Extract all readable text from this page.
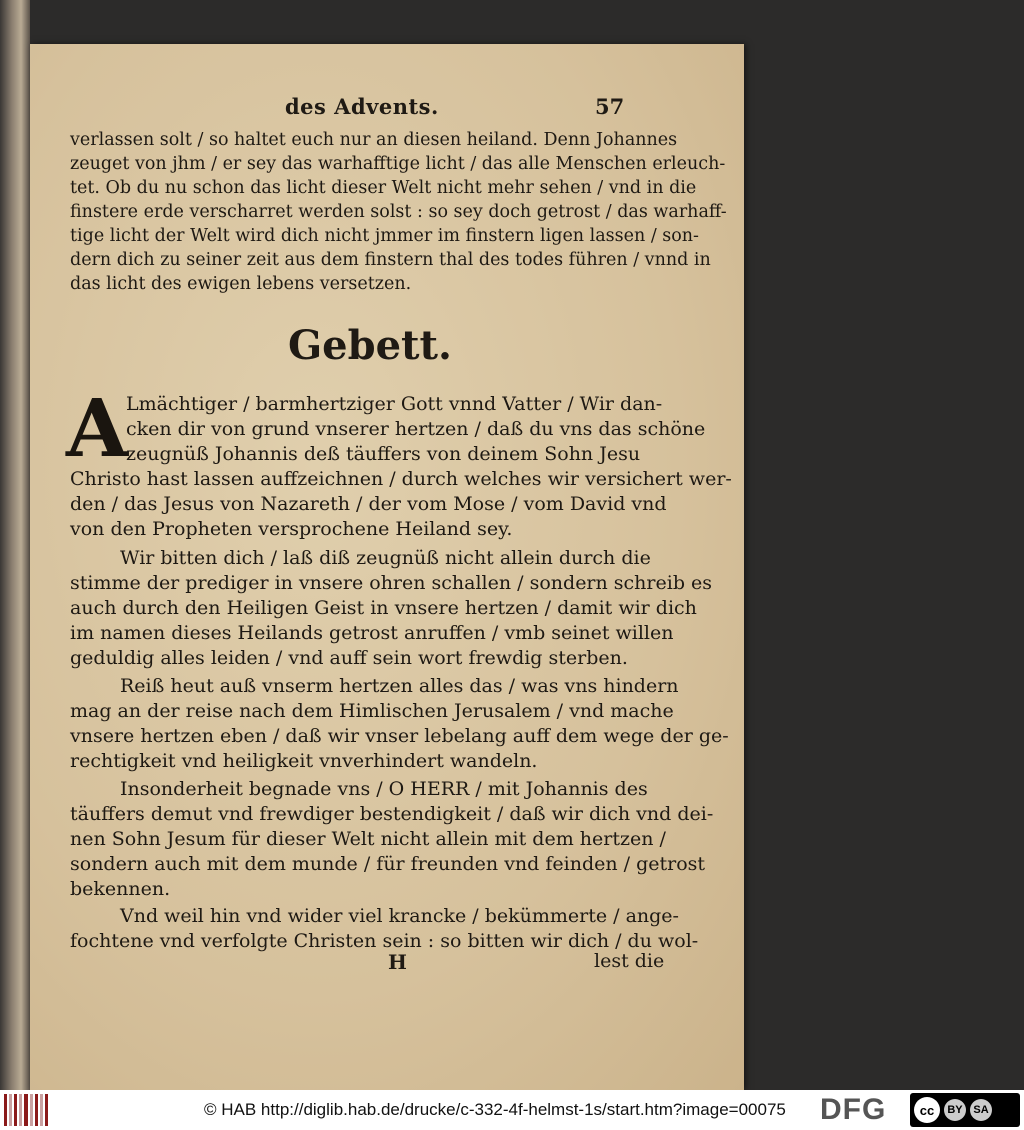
des Advents.	57
verlassen solt / so haltet euch nur an diesen heiland. Denn Johannes
zeuget von jhm / er sey das warhafftige licht / das alle Menschen erleuch-
tet. Ob du nu schon das licht dieser Welt nicht mehr sehen / vnd in die
finstere erde verscharret werden solst : so sey doch getrost / das warhaff-
tige licht der Welt wird dich nicht jmmer im finstern ligen lassen / son-
dern dich zu seiner zeit aus dem finstern thal des todes führen / vnnd in
das licht des ewigen lebens versetzen.
Gebett.
A
Lmächtiger / barmhertziger Gott vnnd Vatter / Wir dan-
cken dir von grund vnserer hertzen / daß du vns das schöne
zeugnüß Johannis deß täuffers von deinem Sohn Jesu
Christo hast lassen auffzeichnen / durch welches wir versichert wer-
den / das Jesus von Nazareth / der vom Mose / vom David vnd
von den Propheten versprochene Heiland sey.
Wir bitten dich / laß diß zeugnüß nicht allein durch die
stimme der prediger in vnsere ohren schallen / sondern schreib es
auch durch den Heiligen Geist in vnsere hertzen / damit wir dich
im namen dieses Heilands getrost anruffen / vmb seinet willen
geduldig alles leiden / vnd auff sein wort frewdig sterben.
Reiß heut auß vnserm hertzen alles das / was vns hindern
mag an der reise nach dem Himlischen Jerusalem / vnd mache
vnsere hertzen eben / daß wir vnser lebelang auff dem wege der ge-
rechtigkeit vnd heiligkeit vnverhindert wandeln.
Insonderheit begnade vns / O HERR / mit Johannis des
täuffers demut vnd frewdiger bestendigkeit / daß wir dich vnd dei-
nen Sohn Jesum für dieser Welt nicht allein mit dem hertzen /
sondern auch mit dem munde / für freunden vnd feinden / getrost
bekennen.
Vnd weil hin vnd wider viel krancke / bekümmerte / ange-
fochtene vnd verfolgte Christen sein : so bitten wir dich / du wol-
H	lest die
© HAB http://diglib.hab.de/drucke/c-332-4f-helmst-1s/start.htm?image=00075 DFG	cc	BY SA
